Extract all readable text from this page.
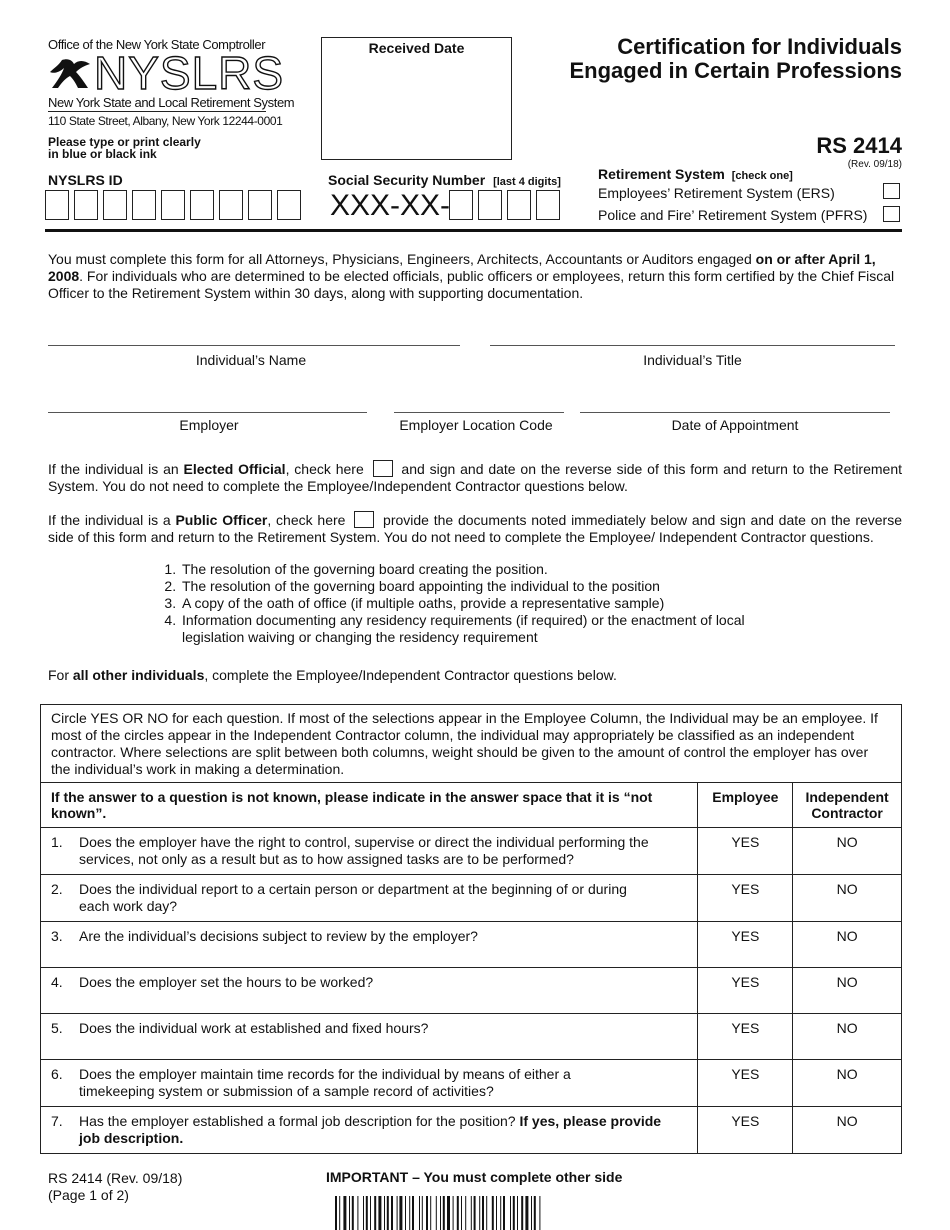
Office of the New York State Comptroller
NYSLRS
New York State and Local Retirement System
110 State Street, Albany, New York 12244-0001
Please type or print clearly
in blue or black ink
Received Date	Certification for Individuals
Engaged in Certain Professions
RS 2414
(Rev. 09/18)
NYSLRS ID	Social Security Number [last 4 digits]
XXX-XX-
Retirement System [check one]
Employees’ Retirement System (ERS)
Police and Fire’ Retirement System (PFRS)
You must complete this form for all Attorneys, Physicians, Engineers, Architects, Accountants or Auditors engaged on or after April 1, 2008. For individuals who are determined to be elected officials, public officers or employees, return this form certified by the Chief Fiscal Officer to the Retirement System within 30 days, along with supporting documentation.
Individual’s Name	Individual’s Title
Employer	Employer Location Code	Date of Appointment
If the individual is an Elected Official, check here	and sign and date on the reverse side of this form and return to the Retirement System. You do not need to complete the Employee/Independent Contractor questions below.
If the individual is a Public Officer, check here	provide the documents noted immediately below and sign and date on the reverse side of this form and return to the Retirement System. You do not need to complete the Employee/ Independent Contractor questions.
1. The resolution of the governing board creating the position.
2. The resolution of the governing board appointing the individual to the position
3. A copy of the oath of office (if multiple oaths, provide a representative sample)
4. Information documenting any residency requirements (if required) or the enactment of local legislation waiving or changing the residency requirement
For all other individuals, complete the Employee/Independent Contractor questions below.
Circle YES OR NO for each question. If most of the selections appear in the Employee Column, the Individual may be an employee. If most of the circles appear in the Independent Contractor column, the individual may appropriately be classified as an independent contractor. Where selections are split between both columns, weight should be given to the amount of control the employer has over the individual’s work in making a determination.
If the answer to a question is not known, please indicate in the answer space that it is “not known”.	Employee	Independent Contractor
1. Does the employer have the right to control, supervise or direct the individual performing the services, not only as a result but as to how assigned tasks are to be performed?	YES	NO
2. Does the individual report to a certain person or department at the beginning of or during each work day?	YES	NO
3. Are the individual’s decisions subject to review by the employer?	YES	NO
4. Does the employer set the hours to be worked?	YES	NO
5. Does the individual work at established and fixed hours?	YES	NO
6. Does the employer maintain time records for the individual by means of either a timekeeping system or submission of a sample record of activities?	YES	NO
7. Has the employer established a formal job description for the position? If yes, please provide job description.	YES	NO
RS 2414 (Rev. 09/18)
(Page 1 of 2)
IMPORTANT – You must complete other side
